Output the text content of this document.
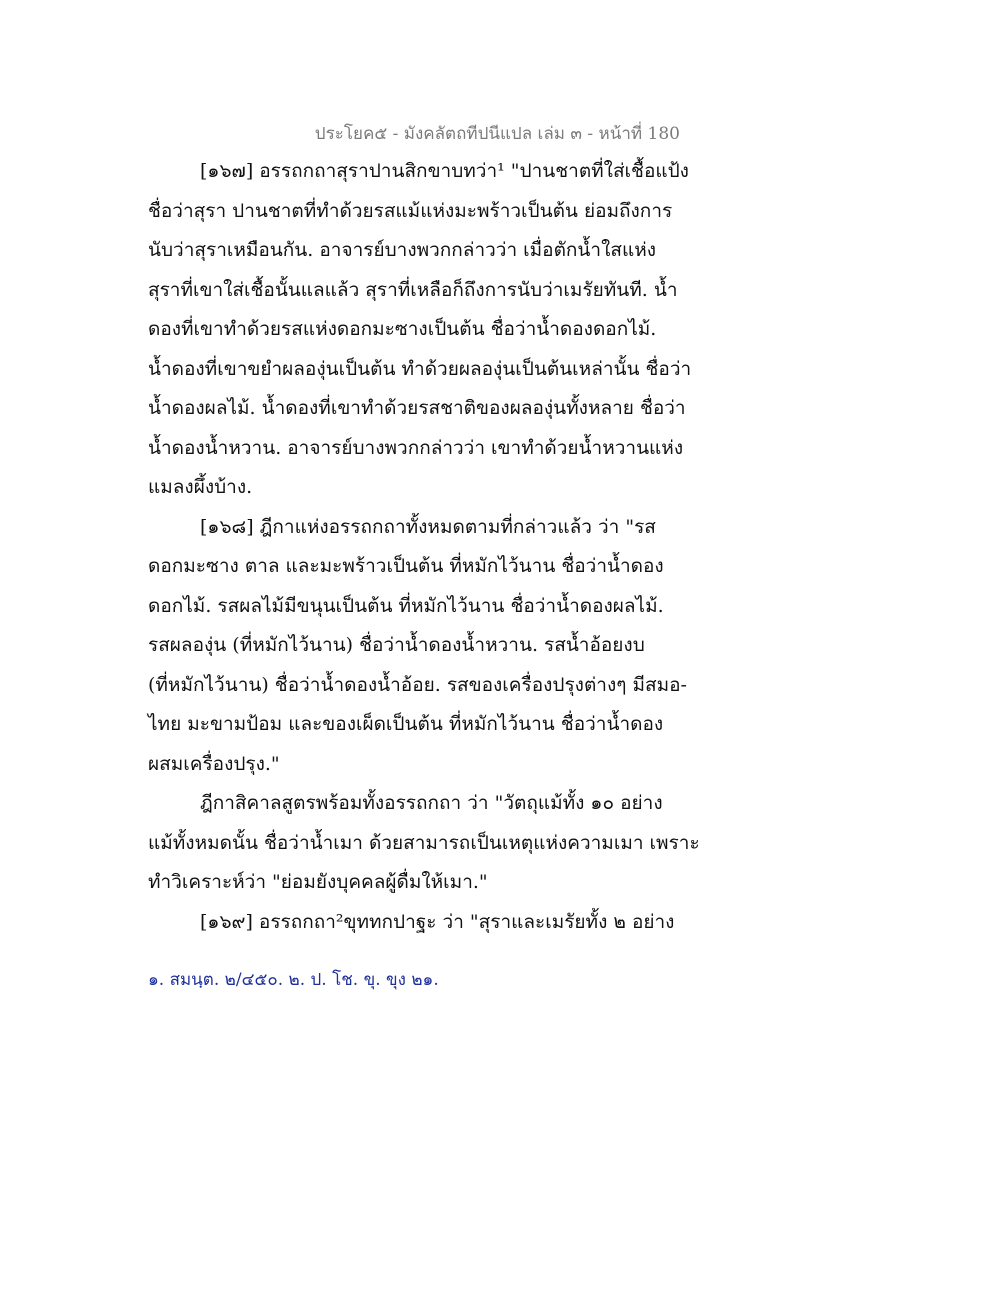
ประโยค๕ - มังคลัตถทีปนีแปล เล่ม ๓ - หน้าที่ 180
[๑๖๗] อรรถกถาสุราปานสิกขาบทว่า¹ "ปานชาตที่ใส่เชื้อแป้ง
ชื่อว่าสุรา ปานชาตที่ทำด้วยรสแม้แห่งมะพร้าวเป็นต้น ย่อมถึงการ
นับว่าสุราเหมือนกัน. อาจารย์บางพวกกล่าวว่า เมื่อตักน้ำใสแห่ง
สุราที่เขาใส่เชื้อนั้นแลแล้ว สุราที่เหลือก็ถึงการนับว่าเมรัยทันที. น้ำ
ดองที่เขาทำด้วยรสแห่งดอกมะซางเป็นต้น ชื่อว่าน้ำดองดอกไม้.
น้ำดองที่เขาขยำผลองุ่นเป็นต้น ทำด้วยผลองุ่นเป็นต้นเหล่านั้น ชื่อว่า
น้ำดองผลไม้. น้ำดองที่เขาทำด้วยรสชาติของผลองุ่นทั้งหลาย ชื่อว่า
น้ำดองน้ำหวาน. อาจารย์บางพวกกล่าวว่า เขาทำด้วยน้ำหวานแห่ง
แมลงผึ้งบ้าง.
[๑๖๘] ฎีกาแห่งอรรถกถาทั้งหมดตามที่กล่าวแล้ว ว่า "รส
ดอกมะซาง ตาล และมะพร้าวเป็นต้น ที่หมักไว้นาน ชื่อว่าน้ำดอง
ดอกไม้. รสผลไม้มีขนุนเป็นต้น ที่หมักไว้นาน ชื่อว่าน้ำดองผลไม้.
รสผลองุ่น (ที่หมักไว้นาน) ชื่อว่าน้ำดองน้ำหวาน. รสน้ำอ้อยงบ
(ที่หมักไว้นาน) ชื่อว่าน้ำดองน้ำอ้อย. รสของเครื่องปรุงต่างๆ มีสมอ-
ไทย มะขามป้อม และของเผ็ดเป็นต้น ที่หมักไว้นาน ชื่อว่าน้ำดอง
ผสมเครื่องปรุง."
ฎีกาสิคาลสูตรพร้อมทั้งอรรถกถา ว่า "วัตถุแม้ทั้ง ๑๐ อย่าง
แม้ทั้งหมดนั้น ชื่อว่าน้ำเมา ด้วยสามารถเป็นเหตุแห่งความเมา เพราะ
ทำวิเคราะห์ว่า "ย่อมยังบุคคลผู้ดื่มให้เมา."
[๑๖๙] อรรถกถา²ขุททกปาฐะ ว่า "สุราและเมรัยทั้ง ๒ อย่าง
๑. สมนฺต. ๒/๔๕๐. ๒. ป. โช. ขุ. ขุง ๒๑.
